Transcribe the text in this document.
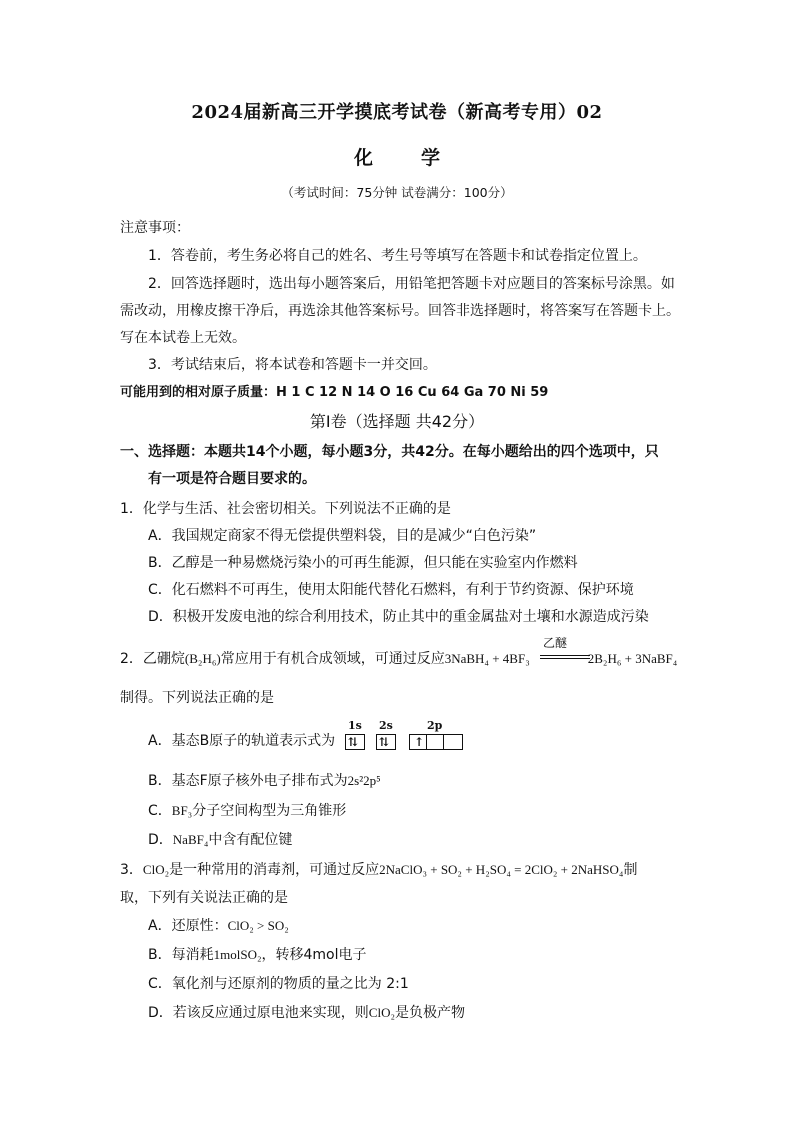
2024届新高三开学摸底考试卷（新高考专用）02
化	学
（考试时间：75分钟 试卷满分：100分）
注意事项：
1．答卷前，考生务必将自己的姓名、考生号等填写在答题卡和试卷指定位置上。
2．回答选择题时，选出每小题答案后，用铅笔把答题卡对应题目的答案标号涂黑。如
需改动，用橡皮擦干净后，再选涂其他答案标号。回答非选择题时，将答案写在答题卡上。
写在本试卷上无效。
3．考试结束后，将本试卷和答题卡一并交回。
可能用到的相对原子质量：H 1 C 12 N 14 O 16 Cu 64 Ga 70 Ni 59
第Ⅰ卷（选择题 共42分）
一、选择题：本题共14个小题，每小题3分，共42分。在每小题给出的四个选项中，只
有一项是符合题目要求的。
1．化学与生活、社会密切相关。下列说法不正确的是
A．我国规定商家不得无偿提供塑料袋，目的是减少“白色污染”
B．乙醇是一种易燃烧污染小的可再生能源，但只能在实验室内作燃料
C．化石燃料不可再生，使用太阳能代替化石燃料，有利于节约资源、保护环境
D．积极开发废电池的综合利用技术，防止其中的重金属盐对土壤和水源造成污染
2．乙硼烷(B₂H₆)常应用于有机合成领域，可通过反应3NaBH₄ + 4BF₃	2B₂H₆ + 3NaBF₄
乙醚
制得。下列说法正确的是
A．基态B原子的轨道表示式为
1s 2s	2p
⇅ ⇅ ↑
B．基态F原子核外电子排布式为2s²2p⁵
C．BF₃分子空间构型为三角锥形
D．NaBF₄中含有配位键
3．ClO₂是一种常用的消毒剂，可通过反应2NaClO₃ + SO₂ + H₂SO₄ = 2ClO₂ + 2NaHSO₄制
取，下列有关说法正确的是
A．还原性：ClO₂ > SO₂
B．每消耗1molSO₂，转移4mol电子
C．氧化剂与还原剂的物质的量之比为 2:1
D．若该反应通过原电池来实现，则ClO₂是负极产物
